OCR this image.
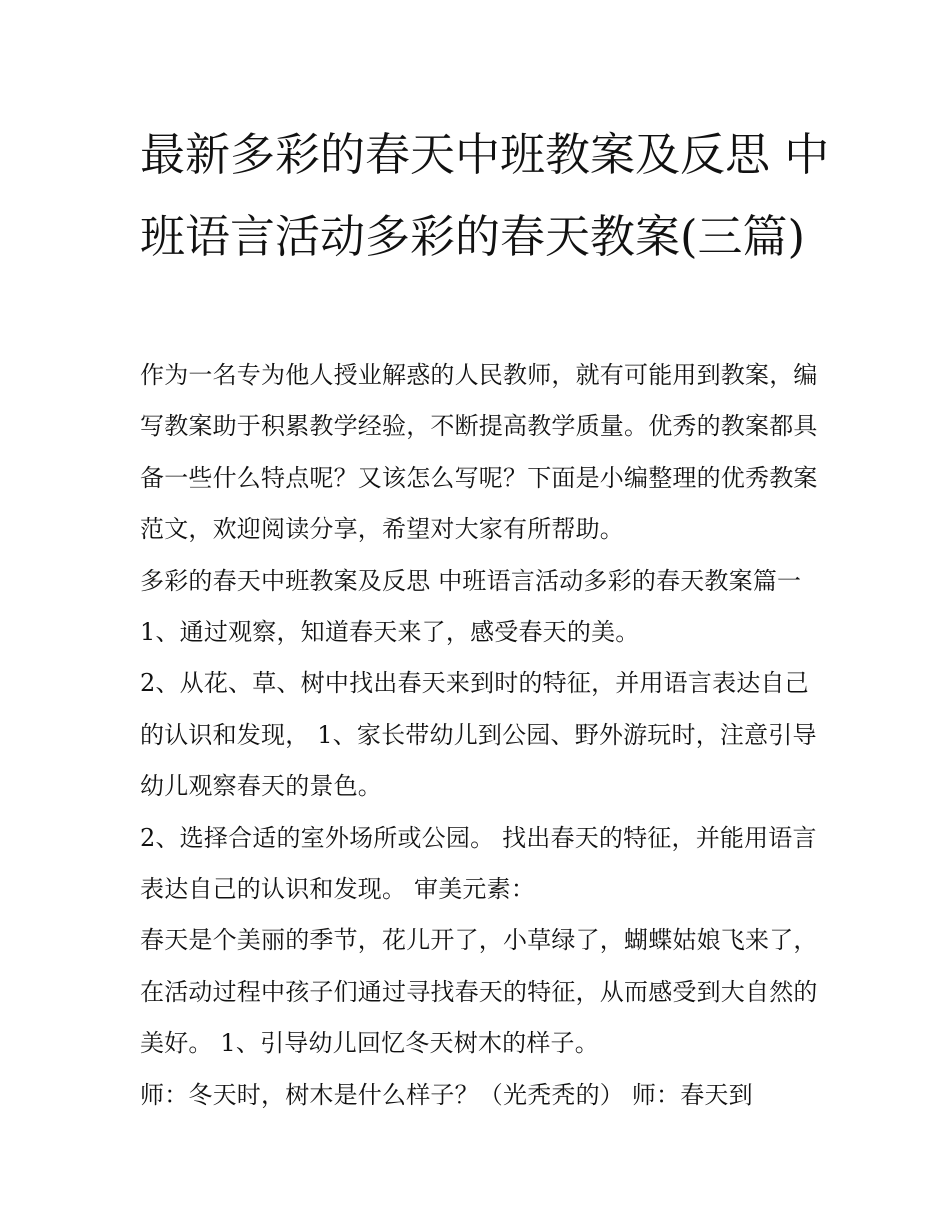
最新多彩的春天中班教案及反思 中班语言活动多彩的春天教案(三篇)

作为一名专为他人授业解惑的人民教师，就有可能用到教案，编写教案助于积累教学经验，不断提高教学质量。优秀的教案都具备一些什么特点呢？又该怎么写呢？下面是小编整理的优秀教案范文，欢迎阅读分享，希望对大家有所帮助。

多彩的春天中班教案及反思 中班语言活动多彩的春天教案篇一1、通过观察，知道春天来了，感受春天的美。

2、从花、草、树中找出春天来到时的特征，并用语言表达自己的认识和发现， 1、家长带幼儿到公园、野外游玩时，注意引导幼儿观察春天的景色。

2、选择合适的室外场所或公园。 找出春天的特征，并能用语言表达自己的认识和发现。 审美元素：

春天是个美丽的季节，花儿开了，小草绿了，蝴蝶姑娘飞来了，在活动过程中孩子们通过寻找春天的特征，从而感受到大自然的美好。 1、引导幼儿回忆冬天树木的样子。

师：冬天时，树木是什么样子？（光秃秃的） 师：春天到
